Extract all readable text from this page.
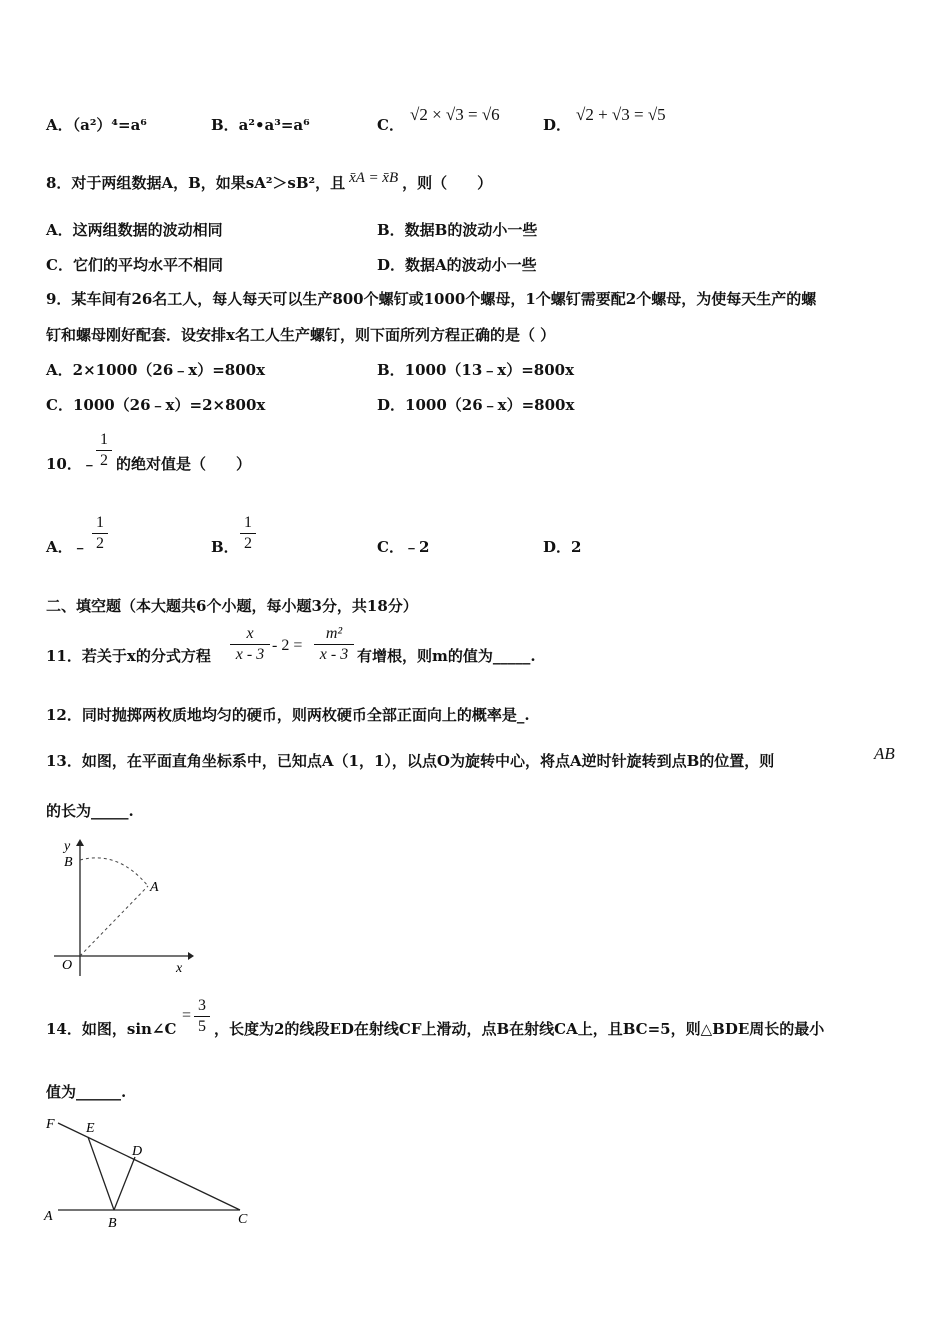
A．（a²）⁴=a⁶	B．a²•a³=a⁶	C．
√2 × √3 = √6
D．
√2 + √3 = √5
8．对于两组数据A，B，如果sA²＞sB²，且 x̄A = x̄B ，则（　　）
A．这两组数据的波动相同	B．数据B的波动小一些
C．它们的平均水平不相同	D．数据A的波动小一些
9．某车间有26名工人，每人每天可以生产800个螺钉或1000个螺母，1个螺钉需要配2个螺母，为使每天生产的螺
钉和螺母刚好配套．设安排x名工人生产螺钉，则下面所列方程正确的是（ ）
A．2×1000（26﹣x）=800x	B．1000（13﹣x）=800x
C．1000（26﹣x）=2×800x	D．1000（26﹣x）=800x
10．﹣ $\frac{1}{2}$ 的绝对值是（　　）
A．﹣ $\frac{1}{2}$	B． $\frac{1}{2}$	C．﹣2	D．2
二、填空题（本大题共6个小题，每小题3分，共18分）
11．若关于x的分式方程 $\frac{x}{x - 3} - 2 = \frac{\text{m²}}{x - 3}$ 有增根，则m的值为_____.
12．同时抛掷两枚质地均匀的硬币，则两枚硬币全部正面向上的概率是_.
13．如图，在平面直角坐标系中，已知点A（1，1），以点O为旋转中心，将点A逆时针旋转到点B的位置，则	AB
的长为_____.
y
B
A
O	x
14．如图，sin∠C
= $\frac{3}{5}$ ，长度为2的线段ED在射线CF上滑动，点B在射线CA上，且BC=5，则△BDE周长的最小
值为______.
F E
D
A	B	C
